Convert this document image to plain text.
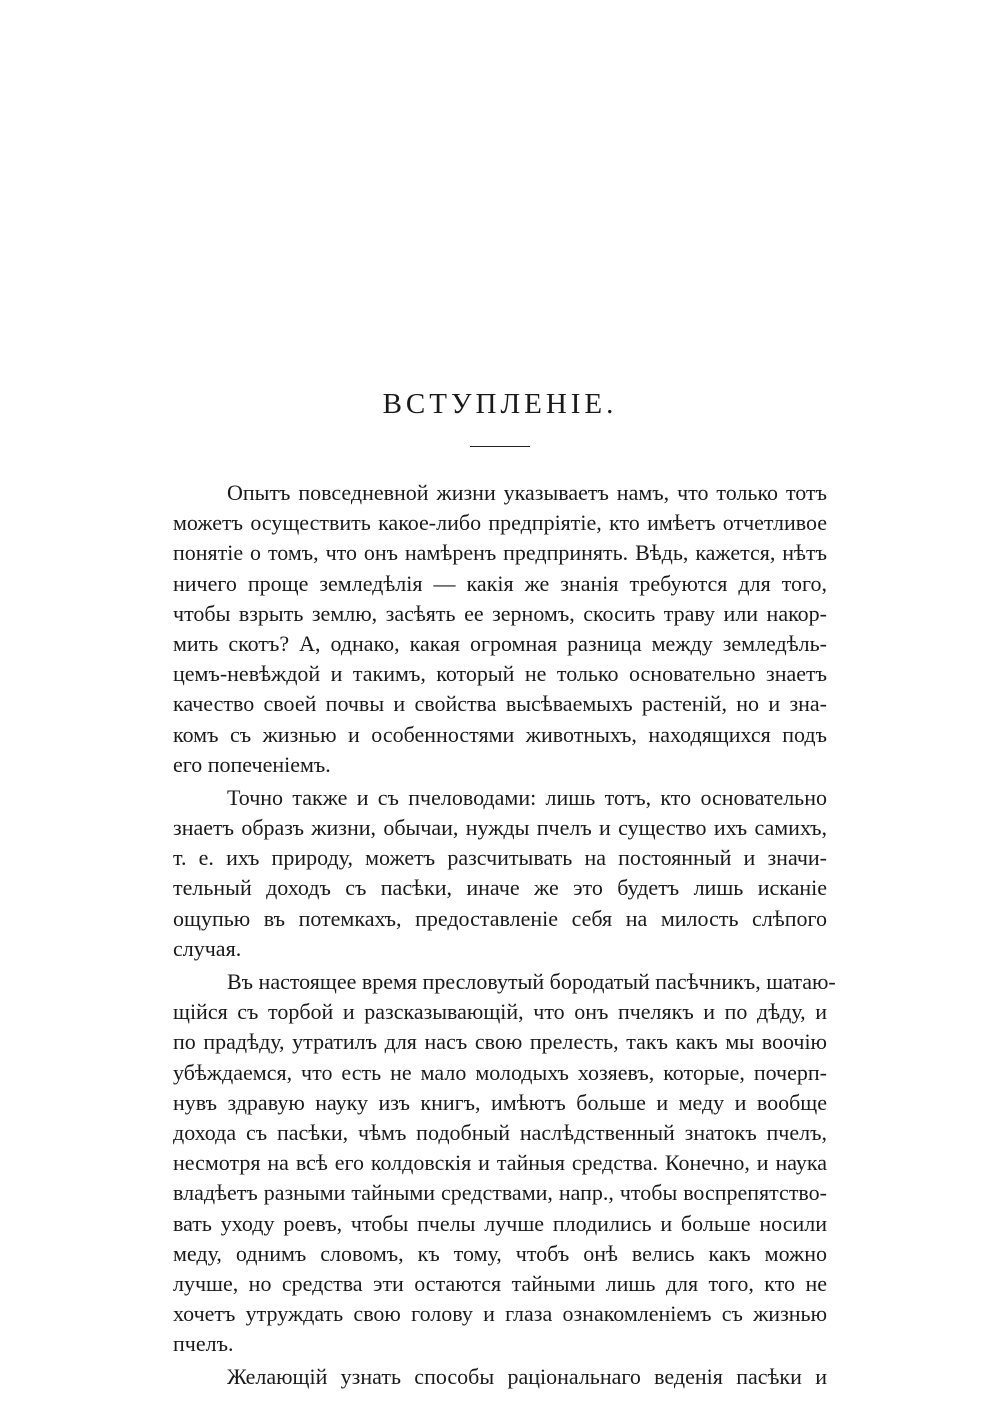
ВСТУПЛЕНІЕ.
Опытъ повседневной жизни указываетъ намъ, что только тотъ
можетъ осуществить какое-либо предпріятіе, кто имѣетъ отчетливое
понятіе о томъ, что онъ намѣренъ предпринять. Вѣдь, кажется, нѣтъ
ничего проще земледѣлія — какія же знанія требуются для того,
чтобы взрыть землю, засѣять ее зерномъ, скосить траву или накор-
мить скотъ? А, однако, какая огромная разница между земледѣль-
цемъ-невѣждой и такимъ, который не только основательно знаетъ
качество своей почвы и свойства высѣваемыхъ растеній, но и зна-
комъ съ жизнью и особенностями животныхъ, находящихся подъ
его попеченіемъ.
Точно также и съ пчеловодами: лишь тотъ, кто основательно
знаетъ образъ жизни, обычаи, нужды пчелъ и существо ихъ самихъ,
т. е. ихъ природу, можетъ разсчитывать на постоянный и значи-
тельный доходъ съ пасѣки, иначе же это будетъ лишь исканіе
ощупью въ потемкахъ, предоставленіе себя на милость слѣпого
случая.
Въ настоящее время пресловутый бородатый пасѣчникъ, шатаю-
щійся съ торбой и разсказывающій, что онъ пчелякъ и по дѣду, и
по прадѣду, утратилъ для насъ свою прелесть, такъ какъ мы воочію
убѣждаемся, что есть не мало молодыхъ хозяевъ, которые, почерп-
нувъ здравую науку изъ книгъ, имѣютъ больше и меду и вообще
дохода съ пасѣки, чѣмъ подобный наслѣдственный знатокъ пчелъ,
несмотря на всѣ его колдовскія и тайныя средства. Конечно, и наука
владѣетъ разными тайными средствами, напр., чтобы воспрепятство-
вать уходу роевъ, чтобы пчелы лучше плодились и больше носили
меду, однимъ словомъ, къ тому, чтобъ онѣ велись какъ можно
лучше, но средства эти остаются тайными лишь для того, кто не
хочетъ утруждать свою голову и глаза ознакомленіемъ съ жизнью
пчелъ.
Желающій узнать способы раціональнаго веденія пасѣки и
